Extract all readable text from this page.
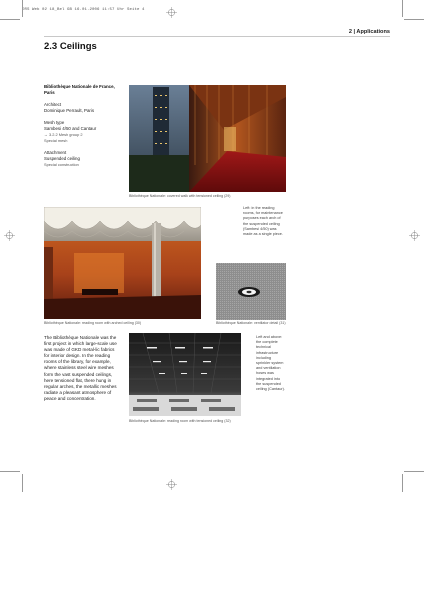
DRS Web 02 18_Bel GB 16.01.2006 11:57 Uhr Seite 4
2 | Applications
2.3 Ceilings
Bibliothèque Nationale de France, Paris
Architect
Dominique Perrault, Paris
Mesh type
Sambesi 4/50 and Cantaur
→ 3.2.2 Mesh group 2
Special mesh
Attachment
Suspended ceiling
Special construction
Bibliothèque Nationale: covered walk with tensioned ceiling (29)
Bibliothèque Nationale: reading room with arched ceiling (30)
Left: in the reading rooms, for maintenance purposes each arch of the suspended ceiling (Sambesi 4/50) was made as a single piece.
Bibliothèque Nationale: ventilator detail (31)
The Bibliothèque Nationale was the first project in which large-scale use was made of GKD metal-lic fabrics for interior design. In the reading rooms of the library, for example, where stainless steel wire meshes form the vast suspended ceilings, here tensioned flat, there hung in regular arches, the metallic meshes radiate a pleasant atmosphere of peace and concentration.
Bibliothèque Nationale: reading room with tensioned ceiling (32)
Left and above: the complete technical infrastructure including sprinkler system and ventilation hoses was integrated into the suspended ceiling (Cantaur).
